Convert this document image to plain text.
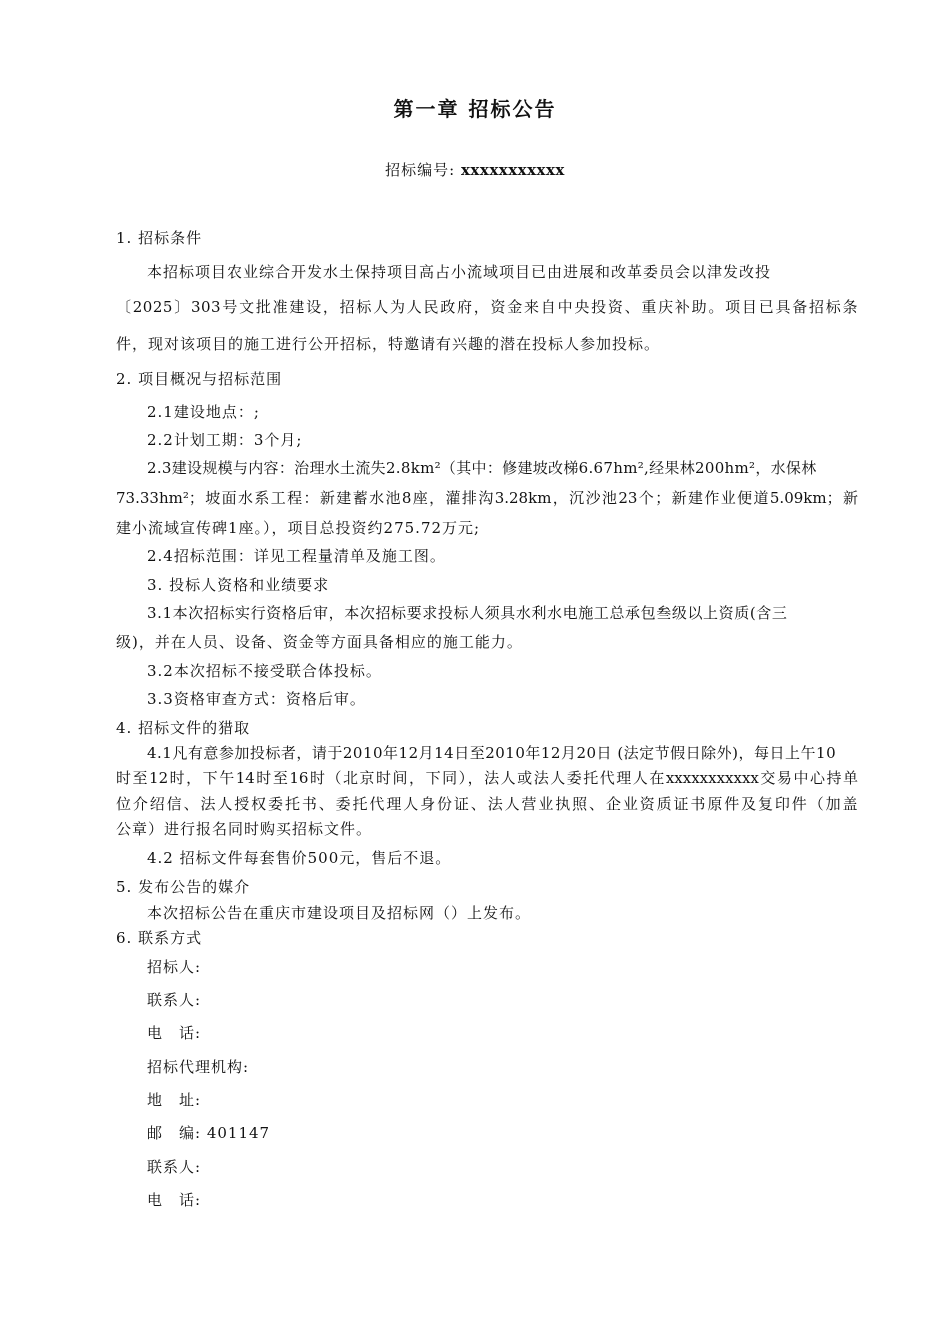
第一章 招标公告
招标编号: xxxxxxxxxxx
1. 招标条件
本招标项目农业综合开发水土保持项目高占小流域项目已由进展和改革委员会以津发改投
〔2025〕303号文批准建设，招标人为人民政府，资金来自中央投资、重庆补助。项目已具备招标条
件，现对该项目的施工进行公开招标，特邀请有兴趣的潜在投标人参加投标。
2. 项目概况与招标范围
2.1建设地点：;
2.2计划工期：3个月;
2.3建设规模与内容：治理水土流失2.8km²（其中：修建坡改梯6.67hm²,经果林200hm²，水保林
73.33hm²；坡面水系工程：新建蓄水池8座，灌排沟3.28km，沉沙池23个；新建作业便道5.09km；新
建小流域宣传碑1座。），项目总投资约275.72万元;
2.4招标范围：详见工程量清单及施工图。
3. 投标人资格和业绩要求
3.1本次招标实行资格后审，本次招标要求投标人须具水利水电施工总承包叁级以上资质(含三
级)，并在人员、设备、资金等方面具备相应的施工能力。
3.2本次招标不接受联合体投标。
3.3资格审查方式：资格后审。
4. 招标文件的猎取
4.1凡有意参加投标者，请于2010年12月14日至2010年12月20日 (法定节假日除外)，每日上午10
时至12时，下午14时至16时（北京时间，下同），法人或法人委托代理人在xxxxxxxxxxx交易中心持单
位介绍信、法人授权委托书、委托代理人身份证、法人营业执照、企业资质证书原件及复印件（加盖
公章）进行报名同时购买招标文件。
4.2 招标文件每套售价500元，售后不退。
5. 发布公告的媒介
本次招标公告在重庆市建设项目及招标网（）上发布。
6. 联系方式
招标人:
联系人:
电　话:
招标代理机构:
地　址:
邮　编: 401147
联系人:
电　话:
